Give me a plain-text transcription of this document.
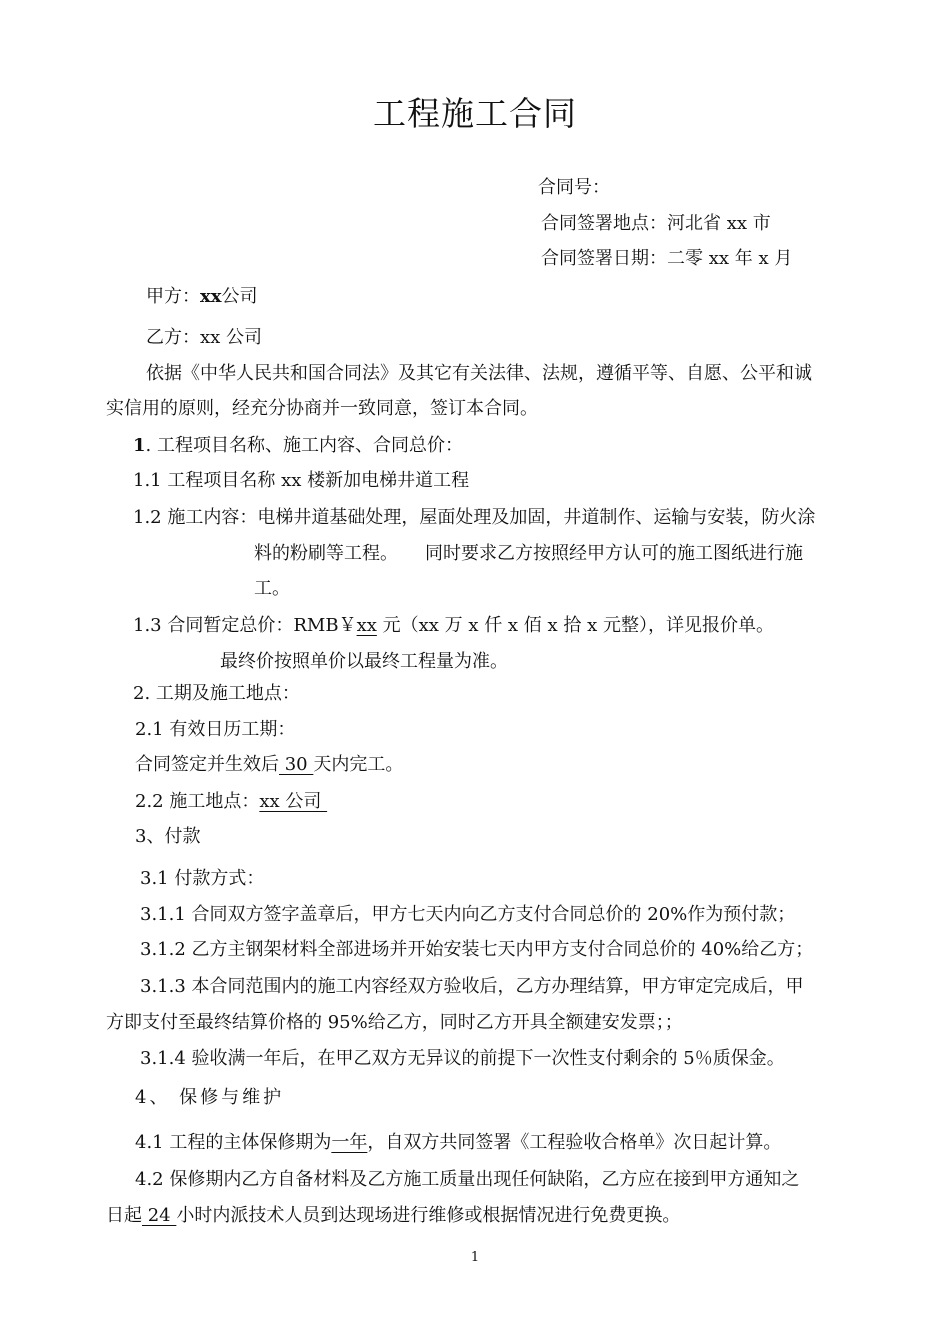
工程施工合同
合同号：
合同签署地点：河北省 xx 市
合同签署日期：二零 xx 年 x 月
甲方：xx公司
乙方：xx 公司
依据《中华人民共和国合同法》及其它有关法律、法规，遵循平等、自愿、公平和诚
实信用的原则，经充分协商并一致同意，签订本合同。
1. 工程项目名称、施工内容、合同总价：
1.1 工程项目名称 xx 楼新加电梯井道工程
1.2 施工内容：电梯井道基础处理，屋面处理及加固，井道制作、运输与安装，防火涂
料的粉刷等工程。　　同时要求乙方按照经甲方认可的施工图纸进行施
工。
1.3 合同暂定总价：RMB￥xx 元（xx 万 x 仟 x 佰 x 拾 x 元整），详见报价单。
最终价按照单价以最终工程量为准。
2. 工期及施工地点：
2.1 有效日历工期：
合同签定并生效后 30 天内完工。
2.2 施工地点：xx 公司
3、付款
3.1 付款方式：
3.1.1 合同双方签字盖章后，甲方七天内向乙方支付合同总价的 20%作为预付款；
3.1.2 乙方主钢架材料全部进场并开始安装七天内甲方支付合同总价的 40%给乙方；
3.1.3 本合同范围内的施工内容经双方验收后，乙方办理结算，甲方审定完成后，甲
方即支付至最终结算价格的 95%给乙方，同时乙方开具全额建安发票；；
3.1.4 验收满一年后，在甲乙双方无异议的前提下一次性支付剩余的 5％质保金。
4、 保修与维护
4.1 工程的主体保修期为一年，自双方共同签署《工程验收合格单》次日起计算。
4.2 保修期内乙方自备材料及乙方施工质量出现任何缺陷，乙方应在接到甲方通知之
日起 24 小时内派技术人员到达现场进行维修或根据情况进行免费更换。
1
